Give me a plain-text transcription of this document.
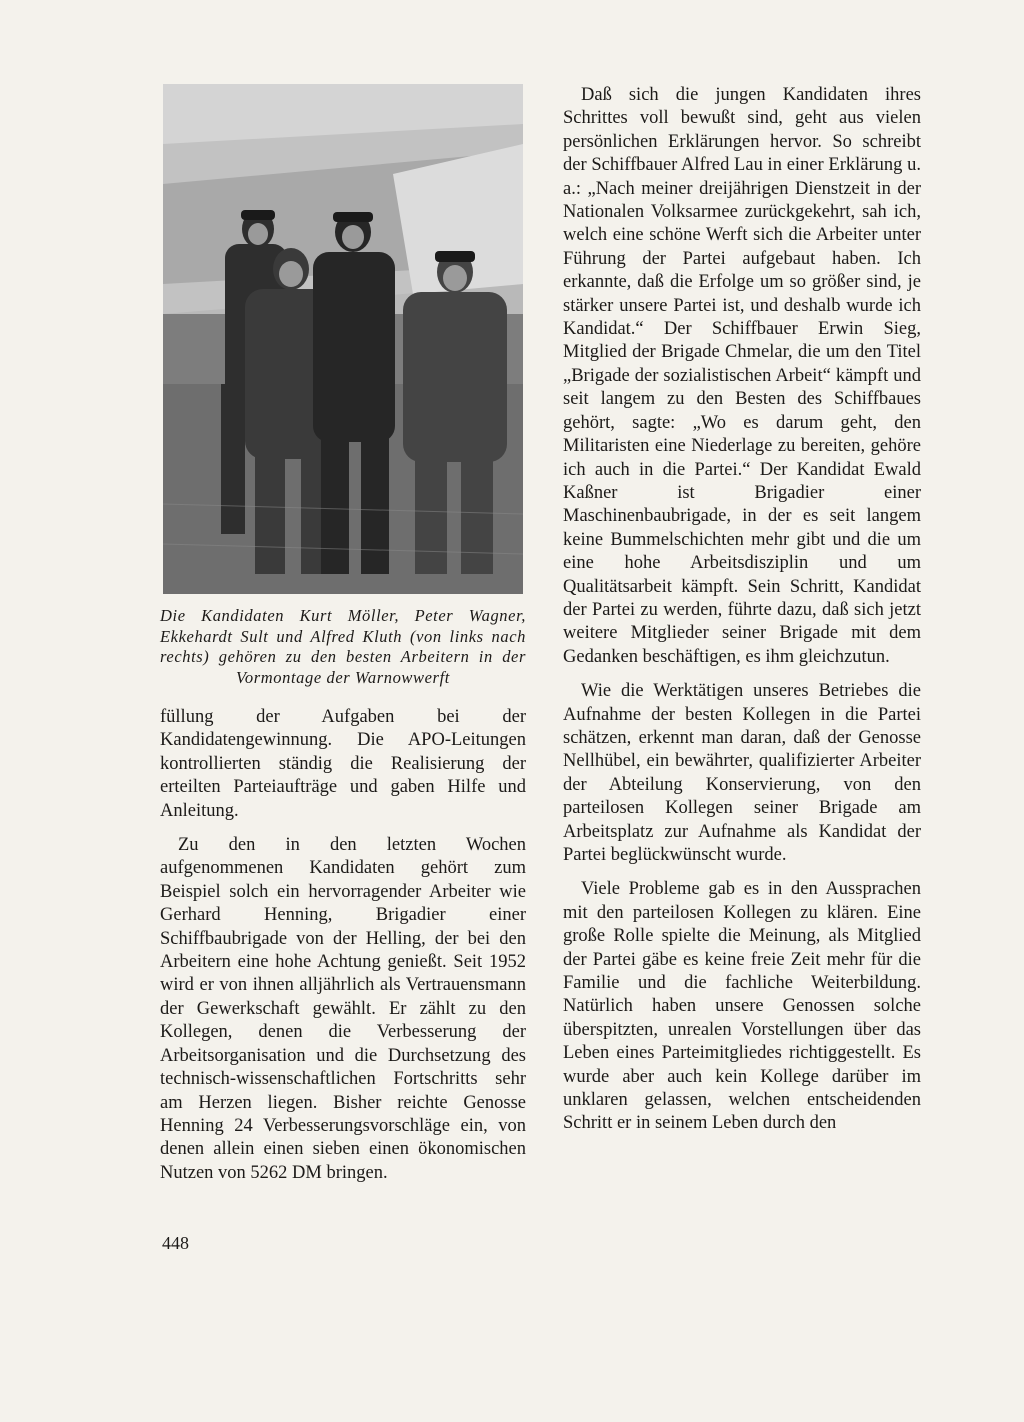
Die Kandidaten Kurt Möller, Peter Wagner, Ekkehardt Sult und Alfred Kluth (von links nach rechts) gehören zu den besten Arbeitern in der Vormontage der Warnowwerft

füllung der Aufgaben bei der Kandidatengewinnung. Die APO-Leitungen kontrollierten ständig die Realisierung der erteilten Parteiaufträge und gaben Hilfe und Anleitung.

Zu den in den letzten Wochen aufgenommenen Kandidaten gehört zum Beispiel solch ein hervorragender Arbeiter wie Gerhard Henning, Brigadier einer Schiffbaubrigade von der Helling, der bei den Arbeitern eine hohe Achtung genießt. Seit 1952 wird er von ihnen alljährlich als Vertrauensmann der Gewerkschaft gewählt. Er zählt zu den Kollegen, denen die Verbesserung der Arbeitsorganisation und die Durchsetzung des technisch-wissenschaftlichen Fortschritts sehr am Herzen liegen. Bisher reichte Genosse Henning 24 Verbesserungsvorschläge ein, von denen allein einen sieben einen ökonomischen Nutzen von 5262 DM bringen.

Daß sich die jungen Kandidaten ihres Schrittes voll bewußt sind, geht aus vielen persönlichen Erklärungen hervor. So schreibt der Schiffbauer Alfred Lau in einer Erklärung u. a.: „Nach meiner dreijährigen Dienstzeit in der Nationalen Volksarmee zurückgekehrt, sah ich, welch eine schöne Werft sich die Arbeiter unter Führung der Partei aufgebaut haben. Ich erkannte, daß die Erfolge um so größer sind, je stärker unsere Partei ist, und deshalb wurde ich Kandidat.“ Der Schiffbauer Erwin Sieg, Mitglied der Brigade Chmelar, die um den Titel „Brigade der sozialistischen Arbeit“ kämpft und seit langem zu den Besten des Schiffbaues gehört, sagte: „Wo es darum geht, den Militaristen eine Niederlage zu bereiten, gehöre ich auch in die Partei.“ Der Kandidat Ewald Kaßner ist Brigadier einer Maschinenbaubrigade, in der es seit langem keine Bummelschichten mehr gibt und die um eine hohe Arbeitsdisziplin und um Qualitätsarbeit kämpft. Sein Schritt, Kandidat der Partei zu werden, führte dazu, daß sich jetzt weitere Mitglieder seiner Brigade mit dem Gedanken beschäftigen, es ihm gleichzutun.

Wie die Werktätigen unseres Betriebes die Aufnahme der besten Kollegen in die Partei schätzen, erkennt man daran, daß der Genosse Nellhübel, ein bewährter, qualifizierter Arbeiter der Abteilung Konservierung, von den parteilosen Kollegen seiner Brigade am Arbeitsplatz zur Aufnahme als Kandidat der Partei beglückwünscht wurde.

Viele Probleme gab es in den Aussprachen mit den parteilosen Kollegen zu klären. Eine große Rolle spielte die Meinung, als Mitglied der Partei gäbe es keine freie Zeit mehr für die Familie und die fachliche Weiterbildung. Natürlich haben unsere Genossen solche überspitzten, unrealen Vorstellungen über das Leben eines Parteimitgliedes richtiggestellt. Es wurde aber auch kein Kollege darüber im unklaren gelassen, welchen entscheidenden Schritt er in seinem Leben durch den

448
